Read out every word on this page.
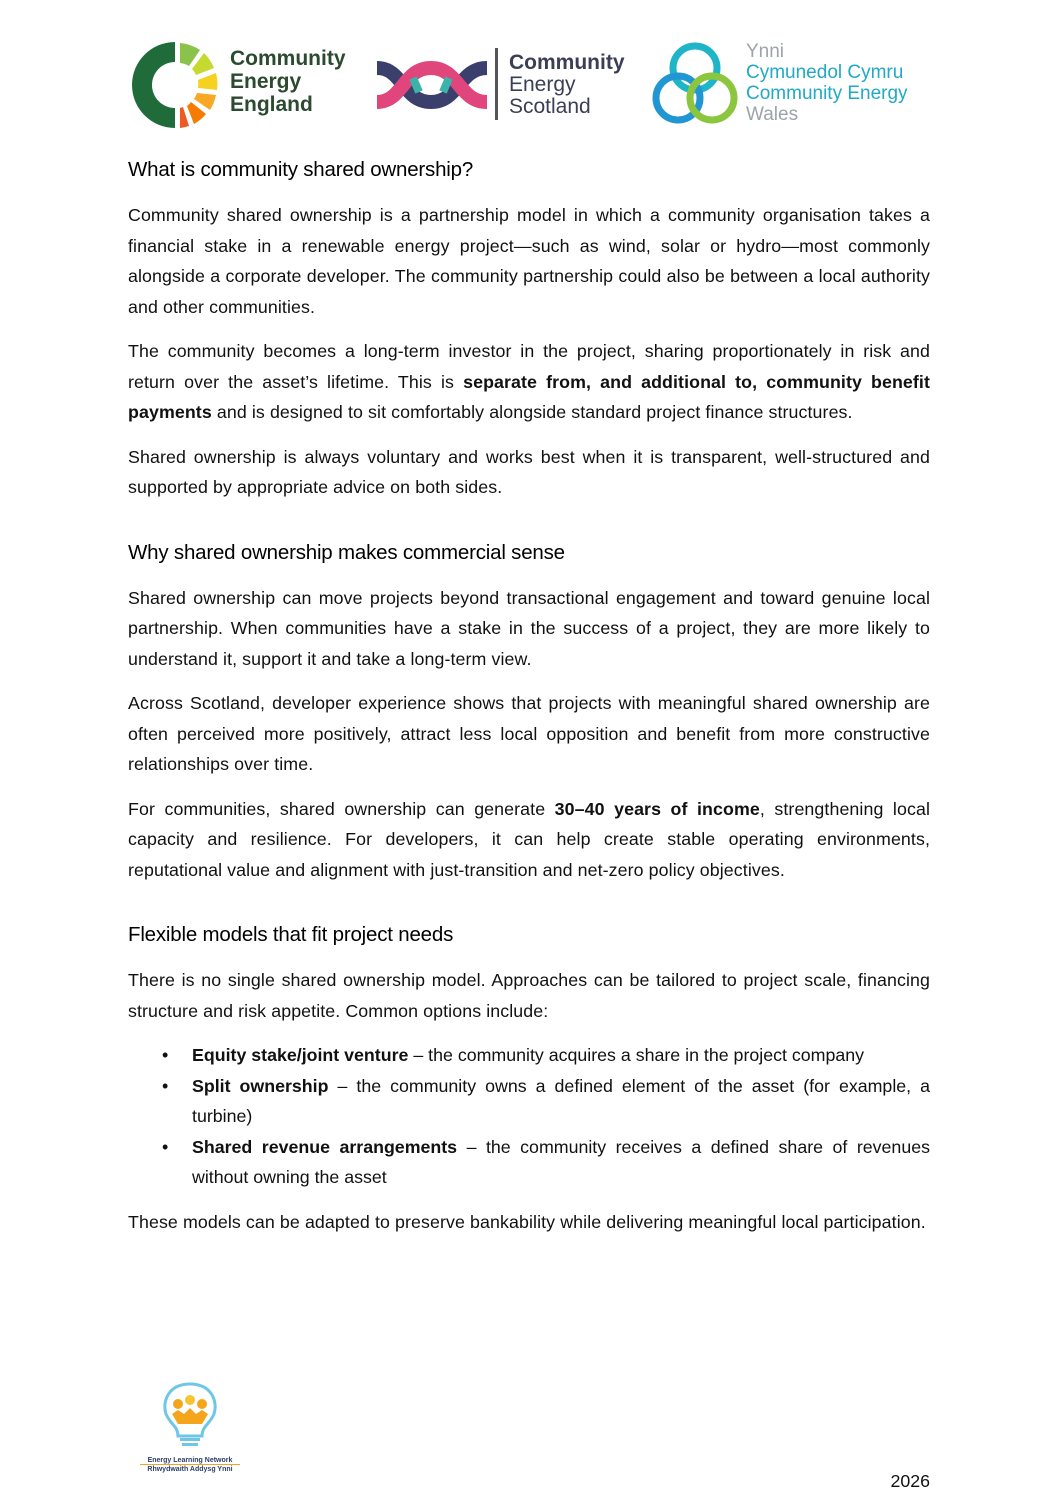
Community
Energy
England
Community
Energy
Scotland
Ynni
Cymunedol Cymru
Community Energy
Wales
What is community shared ownership?

Community shared ownership is a partnership model in which a community organisation takes a financial stake in a renewable energy project—such as wind, solar or hydro—most commonly alongside a corporate developer. The community partnership could also be between a local authority and other communities.

The community becomes a long-term investor in the project, sharing proportionately in risk and return over the asset’s lifetime. This is separate from, and additional to, community benefit payments and is designed to sit comfortably alongside standard project finance structures.

Shared ownership is always voluntary and works best when it is transparent, well-structured and supported by appropriate advice on both sides.

Why shared ownership makes commercial sense

Shared ownership can move projects beyond transactional engagement and toward genuine local partnership. When communities have a stake in the success of a project, they are more likely to understand it, support it and take a long-term view.

Across Scotland, developer experience shows that projects with meaningful shared ownership are often perceived more positively, attract less local opposition and benefit from more constructive relationships over time.

For communities, shared ownership can generate 30–40 years of income, strengthening local capacity and resilience. For developers, it can help create stable operating environments, reputational value and alignment with just-transition and net-zero policy objectives.

Flexible models that fit project needs

There is no single shared ownership model. Approaches can be tailored to project scale, financing structure and risk appetite. Common options include:

• Equity stake/joint venture – the community acquires a share in the project company
• Split ownership – the community owns a defined element of the asset (for example, a turbine)
• Shared revenue arrangements – the community receives a defined share of revenues without owning the asset

These models can be adapted to preserve bankability while delivering meaningful local participation.

Energy Learning Network
Rhwydwaith Addysg Ynni
2026
